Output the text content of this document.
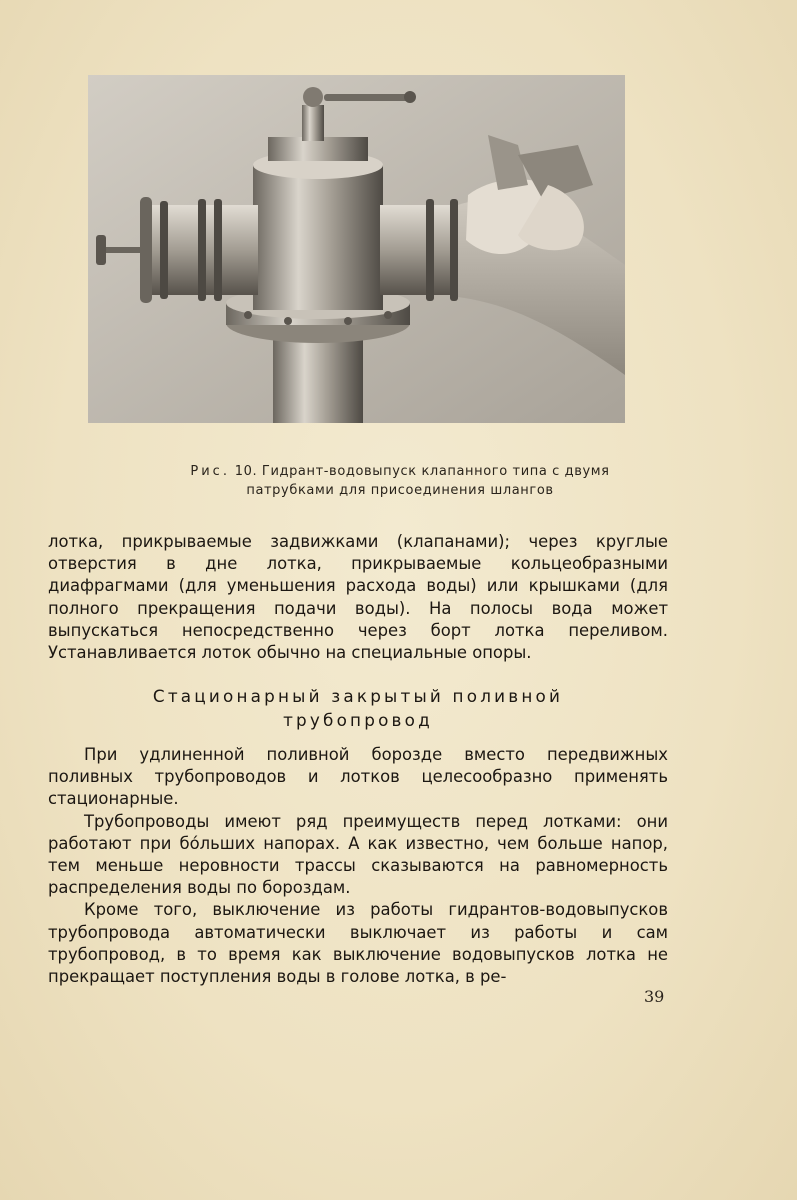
Рис. 10. Гидрант-водовыпуск клапанного типа с двумя
патрубками для присоединения шлангов

лотка, прикрываемые задвижками (клапанами); через круглые отверстия в дне лотка, прикрываемые кольцеобразными диафрагмами (для уменьшения расхода воды) или крышками (для полного прекращения подачи воды). На полосы вода может выпускаться непосредственно через борт лотка переливом. Устанавливается лоток обычно на специальные опоры.

Стационарный закрытый поливной
трубопровод

При удлиненной поливной борозде вместо передвижных поливных трубопроводов и лотков целесообразно применять стационарные.

Трубопроводы имеют ряд преимуществ перед лотками: они работают при бо́льших напорах. А как известно, чем больше напор, тем меньше неровности трассы сказываются на равномерность распределения воды по бороздам.

Кроме того, выключение из работы гидрантов-водовыпусков трубопровода автоматически выключает из работы и сам трубопровод, в то время как выключение водовыпусков лотка не прекращает поступления воды в голове лотка, в ре-

39
